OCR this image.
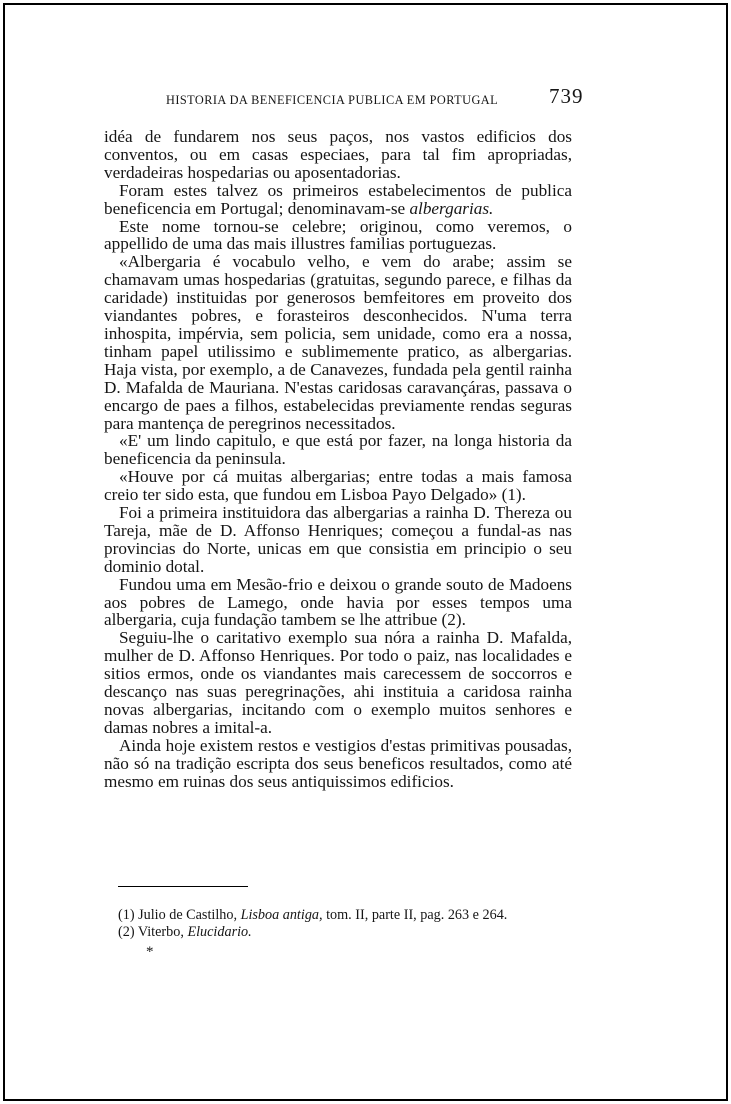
HISTORIA DA BENEFICENCIA PUBLICA EM PORTUGAL	739

idéa de fundarem nos seus paços, nos vastos edificios dos conventos, ou em casas especiaes, para tal fim apropriadas, verdadeiras hospedarias ou aposentadorias.

Foram estes talvez os primeiros estabelecimentos de publica beneficencia em Portugal; denominavam-se albergarias.

Este nome tornou-se celebre; originou, como veremos, o appellido de uma das mais illustres familias portuguezas.

«Albergaria é vocabulo velho, e vem do arabe; assim se chamavam umas hospedarias (gratuitas, segundo parece, e filhas da caridade) instituidas por generosos bemfeitores em proveito dos viandantes pobres, e forasteiros desconhecidos. N'uma terra inhospita, impérvia, sem policia, sem unidade, como era a nossa, tinham papel utilissimo e sublimemente pratico, as albergarias. Haja vista, por exemplo, a de Canavezes, fundada pela gentil rainha D. Mafalda de Mauriana. N'estas caridosas caravançáras, passava o encargo de paes a filhos, estabelecidas previamente rendas seguras para mantença de peregrinos necessitados.

«E' um lindo capitulo, e que está por fazer, na longa historia da beneficencia da peninsula.

«Houve por cá muitas albergarias; entre todas a mais famosa creio ter sido esta, que fundou em Lisboa Payo Delgado» (1).

Foi a primeira instituidora das albergarias a rainha D. Thereza ou Tareja, mãe de D. Affonso Henriques; começou a fundal-as nas provincias do Norte, unicas em que consistia em principio o seu dominio dotal.

Fundou uma em Mesão-frio e deixou o grande souto de Madoens aos pobres de Lamego, onde havia por esses tempos uma albergaria, cuja fundação tambem se lhe attribue (2).

Seguiu-lhe o caritativo exemplo sua nóra a rainha D. Mafalda, mulher de D. Affonso Henriques. Por todo o paiz, nas localidades e sitios ermos, onde os viandantes mais carecessem de soccorros e descanço nas suas peregrinações, ahi instituia a caridosa rainha novas albergarias, incitando com o exemplo muitos senhores e damas nobres a imital-a.

Ainda hoje existem restos e vestigios d'estas primitivas pousadas, não só na tradição escripta dos seus beneficos resultados, como até mesmo em ruinas dos seus antiquissimos edificios.

(1) Julio de Castilho, Lisboa antiga, tom. II, parte II, pag. 263 e 264.
(2) Viterbo, Elucidario.
*
